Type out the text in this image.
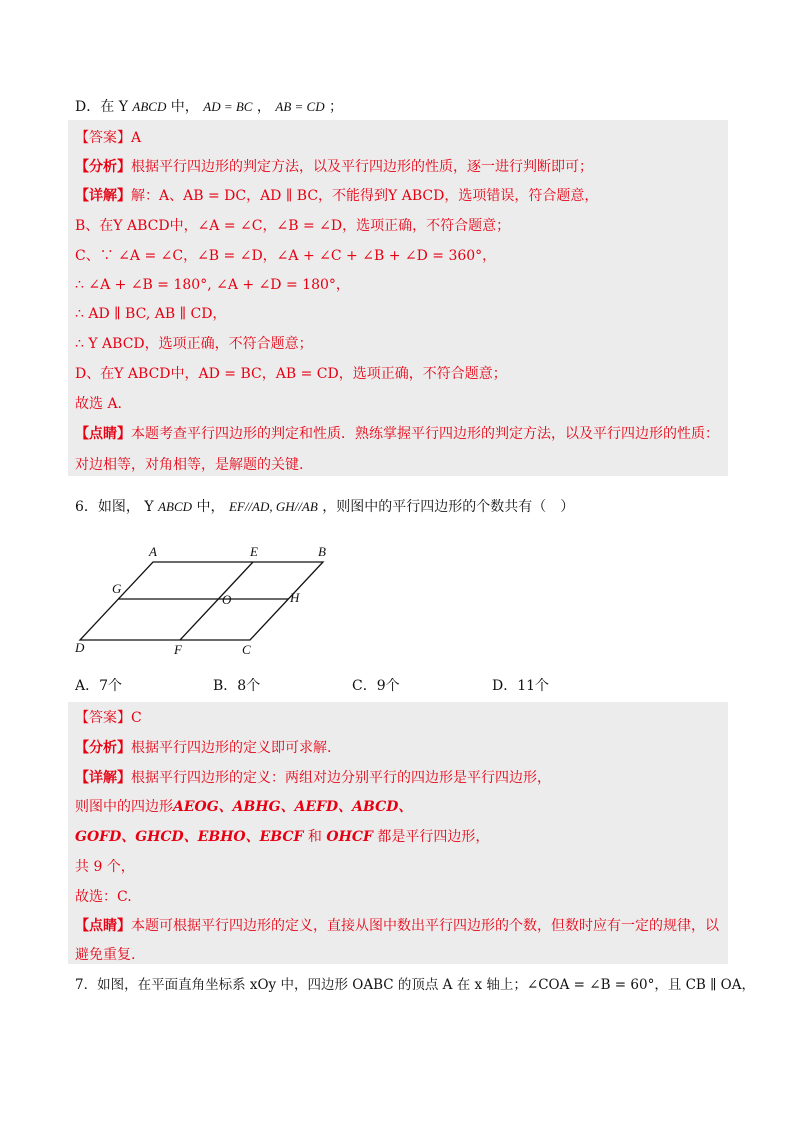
D．在 Y ABCD 中， AD = BC ， AB = CD ；
【答案】A
【分析】根据平行四边形的判定方法，以及平行四边形的性质，逐一进行判断即可；
【详解】解：A、AB = DC，AD ∥ BC，不能得到Y ABCD，选项错误，符合题意，
B、在Y ABCD中，∠A = ∠C，∠B = ∠D，选项正确，不符合题意；
C、∵ ∠A = ∠C，∠B = ∠D，∠A + ∠C + ∠B + ∠D = 360°，
∴ ∠A + ∠B = 180°, ∠A + ∠D = 180°，
∴ AD ∥ BC, AB ∥ CD，
∴ Y ABCD，选项正确，不符合题意；
D、在Y ABCD中，AD = BC，AB = CD，选项正确，不符合题意；
故选 A.
【点睛】本题考查平行四边形的判定和性质．熟练掌握平行四边形的判定方法，以及平行四边形的性质：
对边相等，对角相等，是解题的关键.
6．如图， Y ABCD 中， EF//AD, GH//AB ，则图中的平行四边形的个数共有（　）
A	E	B
G
O	H
D	F	C
A．7个	B．8个	C．9个	D．11个
【答案】C
【分析】根据平行四边形的定义即可求解.
【详解】根据平行四边形的定义：两组对边分别平行的四边形是平行四边形，
则图中的四边形AEOG、ABHG、AEFD、ABCD、
GOFD、GHCD、EBHO、EBCF 和 OHCF 都是平行四边形，
共 9 个，
故选：C.
【点睛】本题可根据平行四边形的定义，直接从图中数出平行四边形的个数，但数时应有一定的规律，以
避免重复.
7．如图，在平面直角坐标系 xOy 中，四边形 OABC 的顶点 A 在 x 轴上；∠COA = ∠B = 60°，且 CB ∥ OA，
